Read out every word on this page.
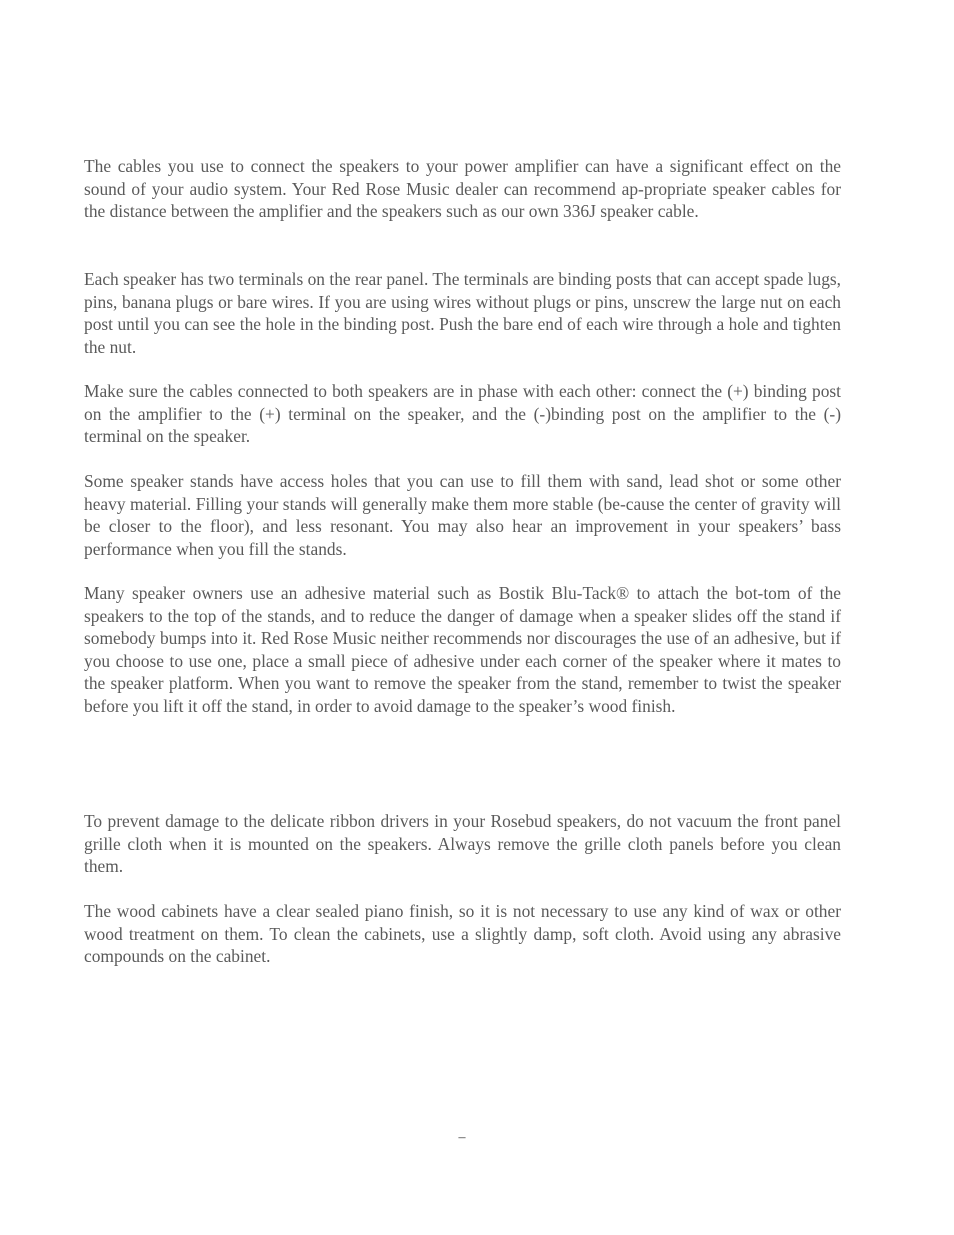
The cables you use to connect the speakers to your power amplifier can have a significant effect on the sound of your audio system. Your Red Rose Music dealer can recommend ap-propriate speaker cables for the distance between the amplifier and the speakers such as our own 336J speaker cable.

Each speaker has two terminals on the rear panel. The terminals are binding posts that can accept spade lugs, pins, banana plugs or bare wires. If you are using wires without plugs or pins, unscrew the large nut on each post until you can see the hole in the binding post. Push the bare end of each wire through a hole and tighten the nut.

Make sure the cables connected to both speakers are in phase with each other: connect the (+) binding post on the amplifier to the (+) terminal on the speaker, and the (-)binding post on the amplifier to the (-) terminal on the speaker.

Some speaker stands have access holes that you can use to fill them with sand, lead shot or some other heavy material. Filling your stands will generally make them more stable (be-cause the center of gravity will be closer to the floor), and less resonant. You may also hear an improvement in your speakers’ bass performance when you fill the stands.

Many speaker owners use an adhesive material such as Bostik Blu-Tack® to attach the bot-tom of the speakers to the top of the stands, and to reduce the danger of damage when a speaker slides off the stand if somebody bumps into it. Red Rose Music neither recommends nor discourages the use of an adhesive, but if you choose to use one, place a small piece of adhesive under each corner of the speaker where it mates to the speaker platform. When you want to remove the speaker from the stand, remember to twist the speaker before you lift it off the stand, in order to avoid damage to the speaker’s wood finish.

To prevent damage to the delicate ribbon drivers in your Rosebud speakers, do not vacuum the front panel grille cloth when it is mounted on the speakers. Always remove the grille cloth panels before you clean them.

The wood cabinets have a clear sealed piano finish, so it is not necessary to use any kind of wax or other wood treatment on them. To clean the cabinets, use a slightly damp, soft cloth. Avoid using any abrasive compounds on the cabinet.

–
